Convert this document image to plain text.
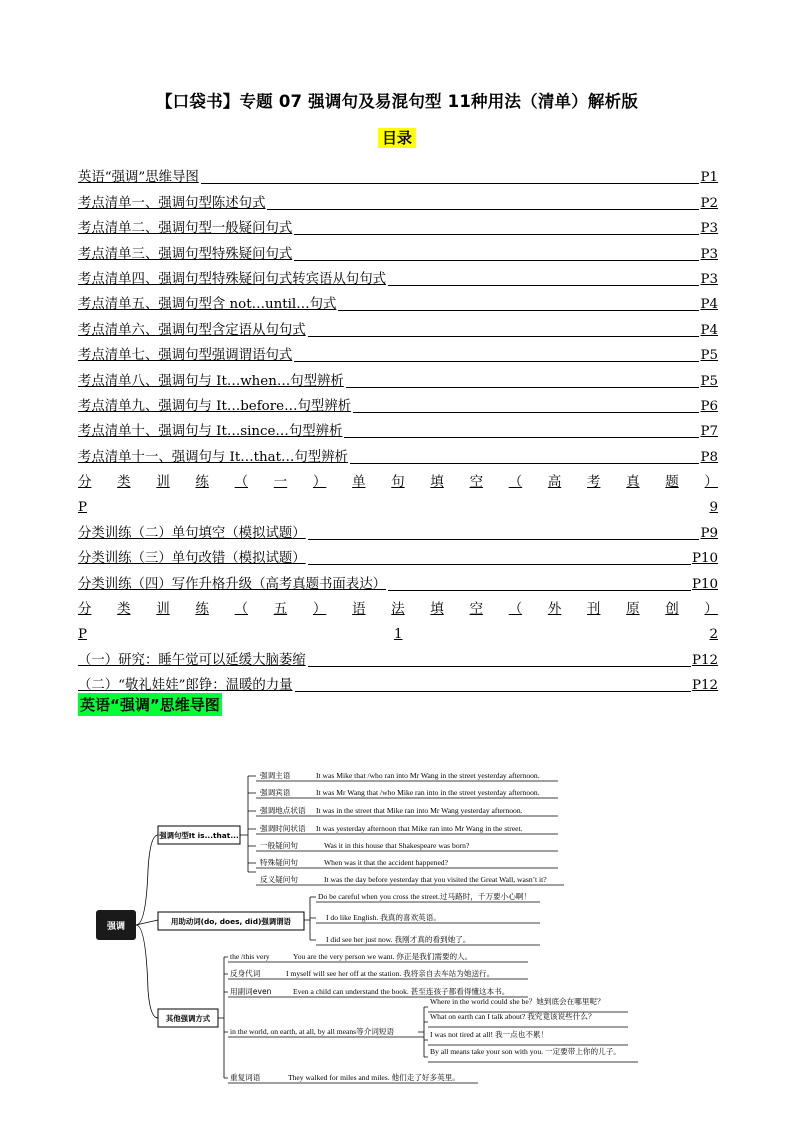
【口袋书】专题 07 强调句及易混句型 11种用法（清单）解析版
目录
英语“强调”思维导图	P1
考点清单一、强调句型陈述句式	P2
考点清单二、强调句型一般疑问句式	P3
考点清单三、强调句型特殊疑问句式	P3
考点清单四、强调句型特殊疑问句式转宾语从句句式	P3
考点清单五、强调句型含 not…until…句式	P4
考点清单六、强调句型含定语从句句式	P4
考点清单七、强调句型强调谓语句式	P5
考点清单八、强调句与 It…when…句型辨析	P5
考点清单九、强调句与 It…before…句型辨析	P6
考点清单十、强调句与 It…since…句型辨析	P7
考点清单十一、强调句与 It…that…句型辨析	P8
分 类 训 练 （ 一 ） 单 句 填 空 （ 高 考 真 题 ）
P	9
分类训练（二）单句填空（模拟试题）	P9
分类训练（三）单句改错（模拟试题）	P10
分类训练（四）写作升格升级（高考真题书面表达）	P10
分 类 训 练 （ 五 ） 语 法 填 空 （ 外 刊 原 创 ）
P	1	2
（一）研究：睡午觉可以延缓大脑萎缩	P12
（二）“敬礼娃娃”郎铮：温暖的力量	P12
英语“强调”思维导图
强调
强调句型It is...that...
用助动词(do, does, did)强调谓语
其他强调方式
强调主语	It was Mike that /who ran into Mr Wang in the street yesterday afternoon.
强调宾语	It was Mr Wang that /who Mike ran into in the street yesterday afternoon.
强调地点状语 It was in the street that Mike ran into Mr Wang yesterday afternoon.
强调时间状语 It was yesterday afternoon that Mike ran into Mr Wang in the street.
一般疑问句	Was it in this house that Shakespeare was born?
特殊疑问句	When was it that the accident happened?
反义疑问句	It was the day before yesterday that you visited the Great Wall, wasn’t it?
Do be careful when you cross the street.过马路时，千万要小心啊！
I do like English. 我真的喜欢英语。
I did see her just now. 我刚才真的看到她了。
the /this very	You are the very person we want. 你正是我们需要的人。
反身代词	I myself will see her off at the station. 我将亲自去车站为她送行。
用副词even	Even a child can understand the book. 甚至连孩子都看得懂这本书。
in the world, on earth, at all, by all means等介词短语
Where in the world could she be？她到底会在哪里呢？
What on earth can I talk about? 我究竟该说些什么？
I was not tired at all! 我一点也不累！
By all means take your son with you. 一定要带上你的儿子。
重复词语	They walked for miles and miles. 他们走了好多英里。
